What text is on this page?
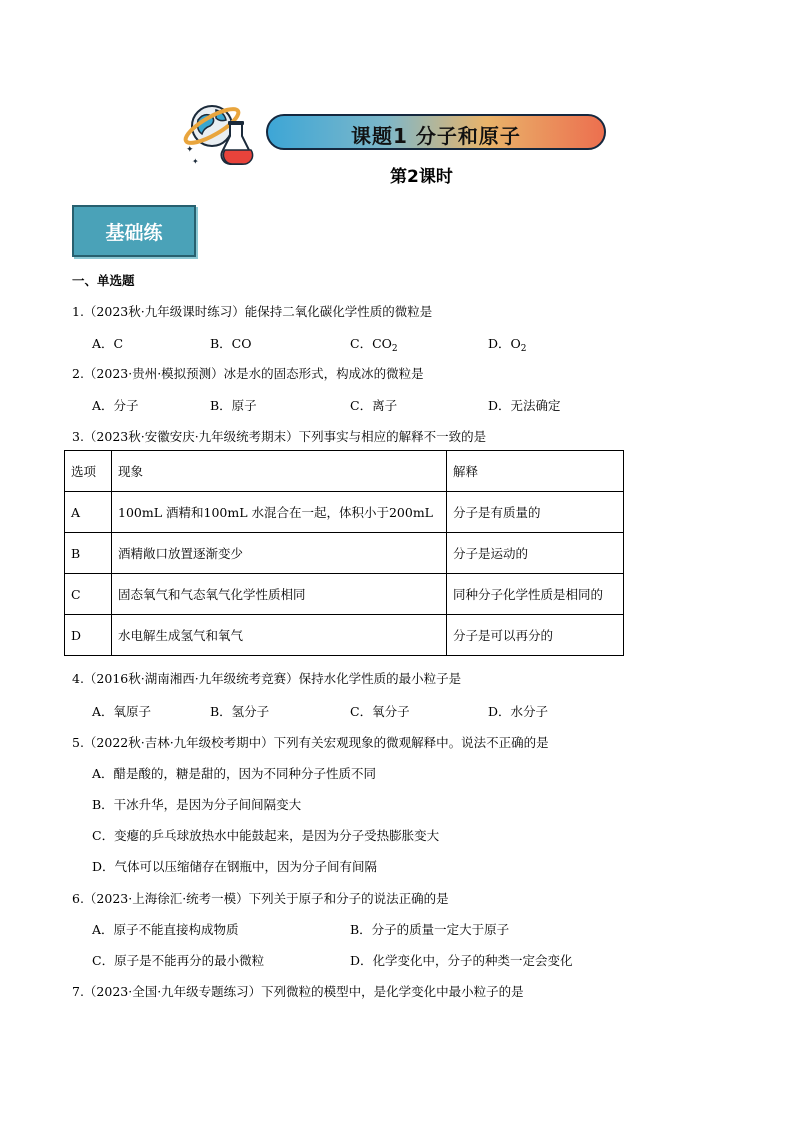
✦
✦
课题1 分子和原子
第2课时
基础练
一、单选题
1.（2023秋·九年级课时练习）能保持二氧化碳化学性质的微粒是
A．C	B．CO	C．$CO_2$	D．$O_2$
2.（2023·贵州·模拟预测）冰是水的固态形式，构成冰的微粒是
A．分子	B．原子	C．离子	D．无法确定
3.（2023秋·安徽安庆·九年级统考期末）下列事实与相应的解释不一致的是
选项	现象	解释
A	100mL 酒精和100mL 水混合在一起，体积小于200mL	分子是有质量的
B	酒精敞口放置逐渐变少	分子是运动的
C	固态氧气和气态氧气化学性质相同	同种分子化学性质是相同的
D	水电解生成氢气和氧气	分子是可以再分的
4.（2016秋·湖南湘西·九年级统考竞赛）保持水化学性质的最小粒子是
A．氧原子	B．氢分子	C．氧分子	D．水分子
5.（2022秋·吉林·九年级校考期中）下列有关宏观现象的微观解释中。说法不正确的是
A．醋是酸的，糖是甜的，因为不同种分子性质不同
B．干冰升华，是因为分子间间隔变大
C．变瘪的乒乓球放热水中能鼓起来，是因为分子受热膨胀变大
D．气体可以压缩储存在钢瓶中，因为分子间有间隔
6.（2023·上海徐汇·统考一模）下列关于原子和分子的说法正确的是
A．原子不能直接构成物质	B．分子的质量一定大于原子
C．原子是不能再分的最小微粒	D．化学变化中，分子的种类一定会变化
7.（2023·全国·九年级专题练习）下列微粒的模型中，是化学变化中最小粒子的是
